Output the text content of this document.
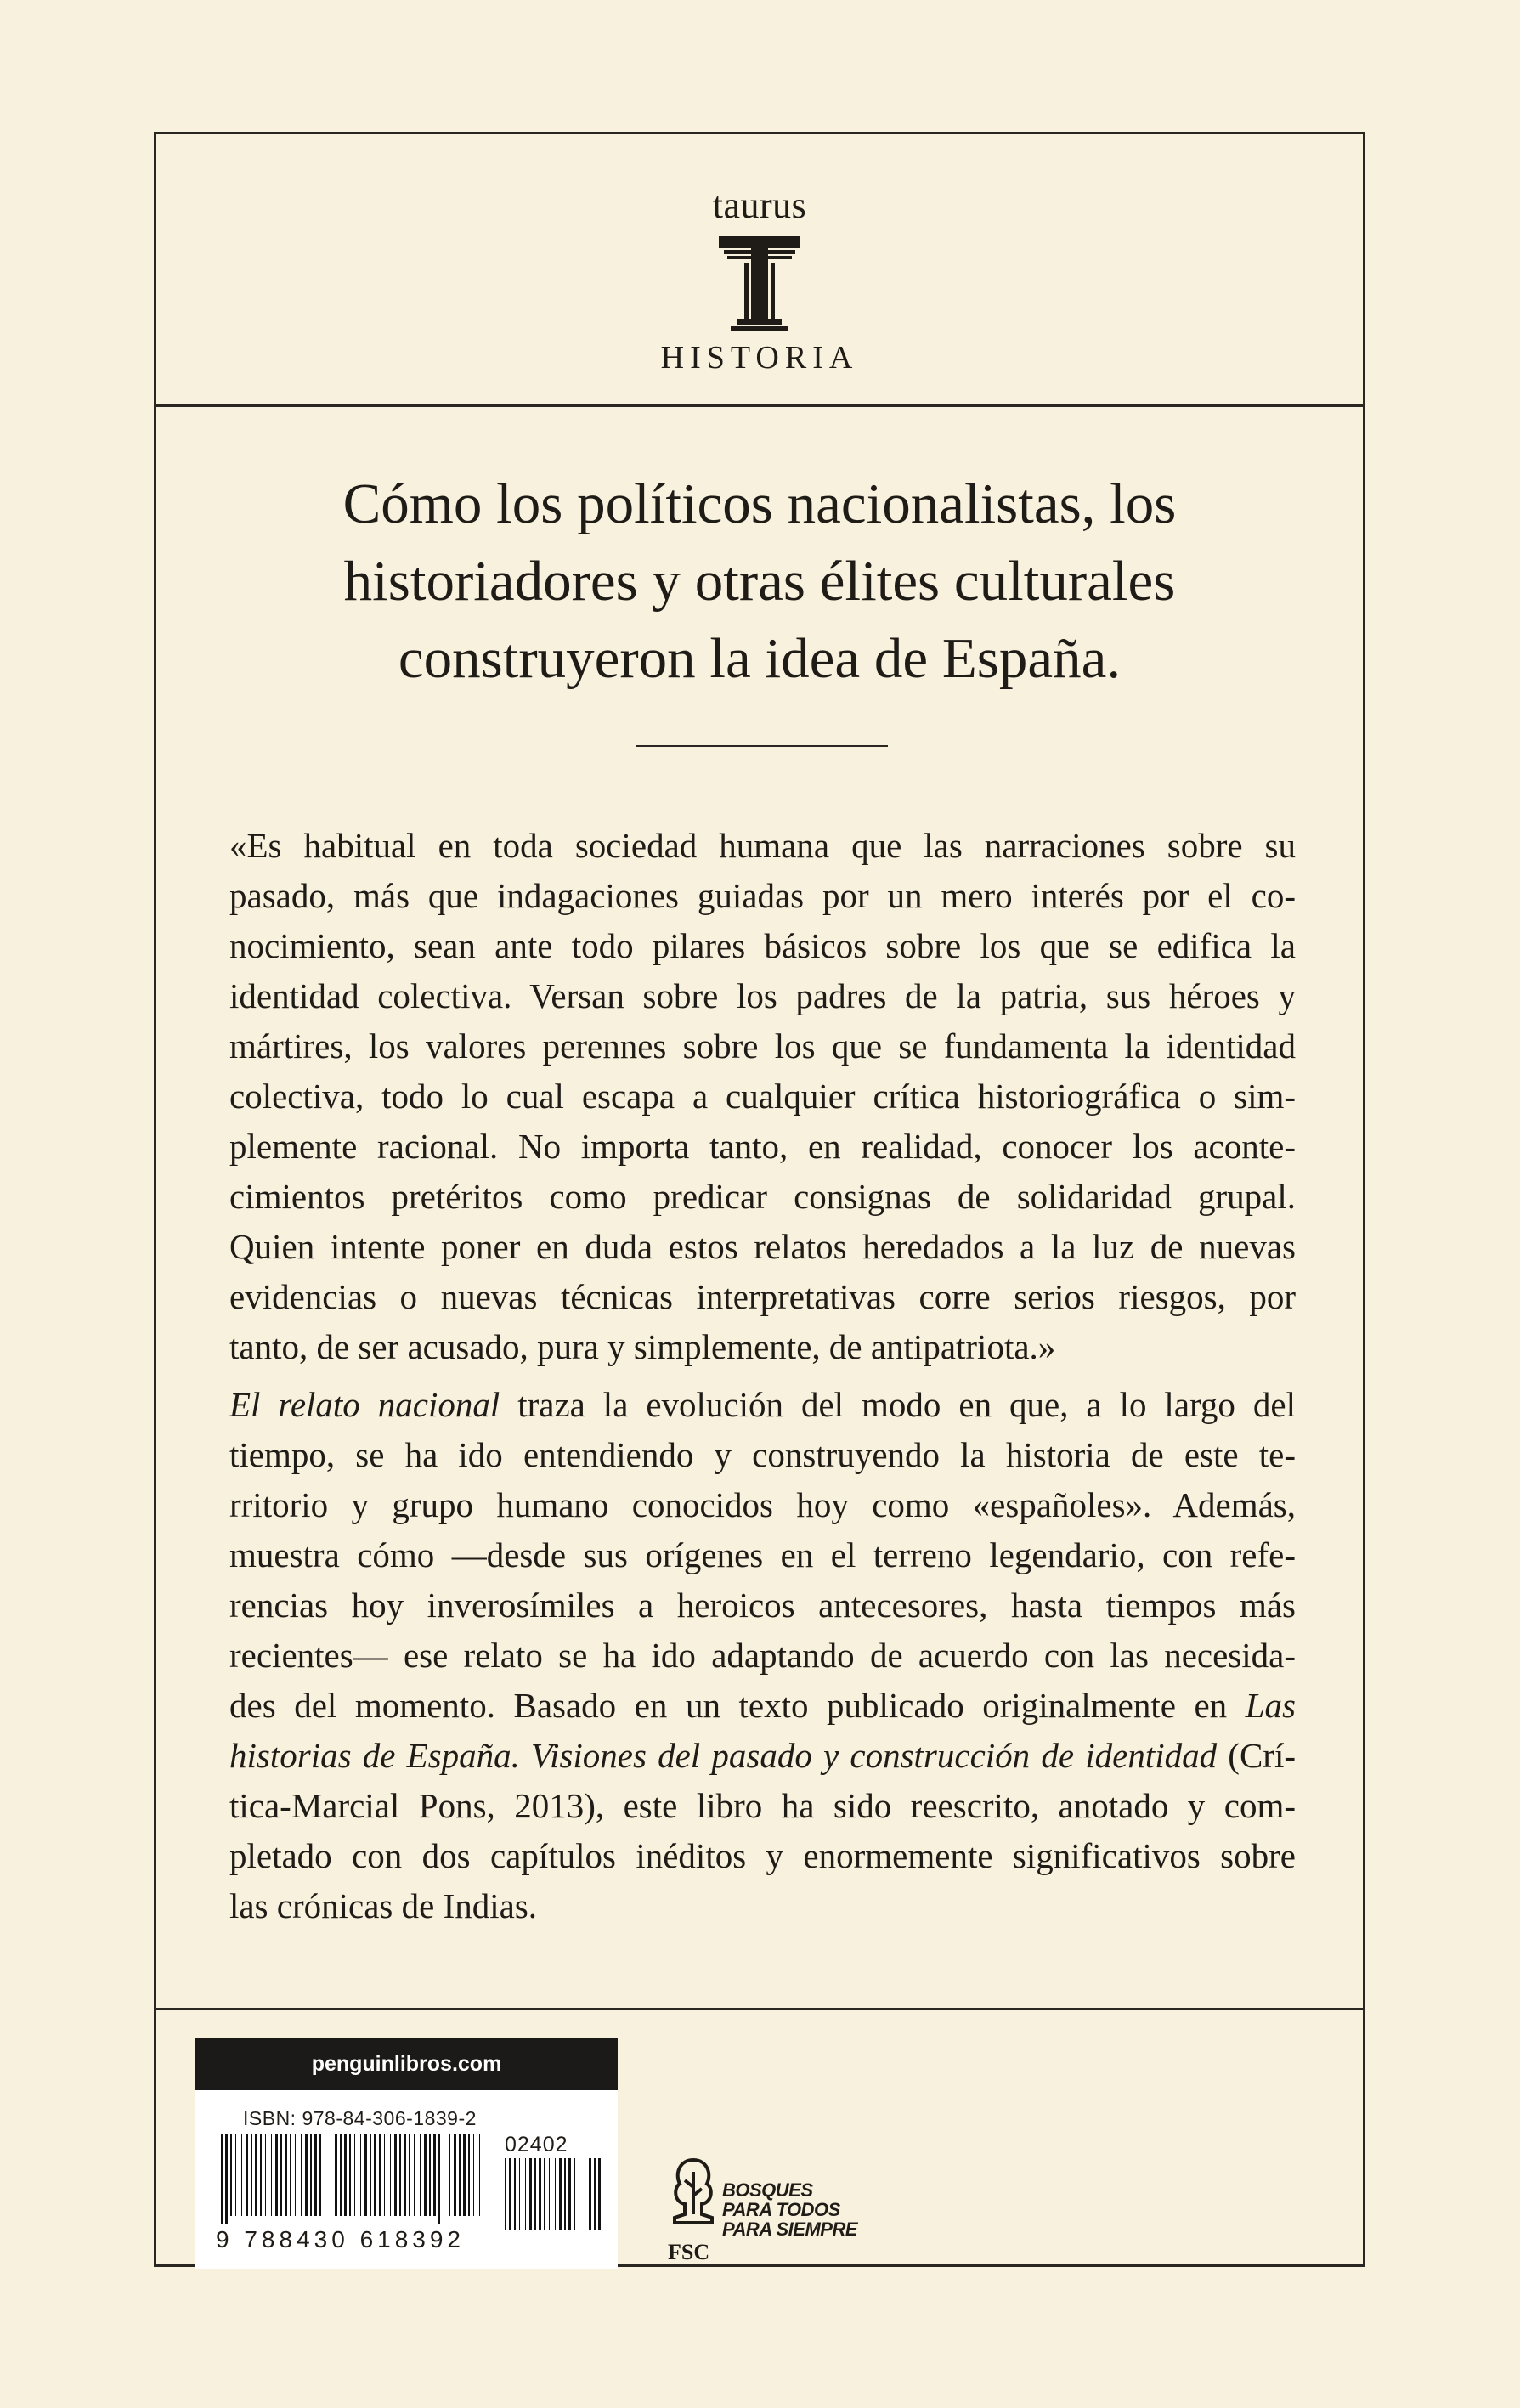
taurus
HISTORIA
Cómo los políticos nacionalistas, los
historiadores y otras élites culturales
construyeron la idea de España.
«Es habitual en toda sociedad humana que las narraciones sobre su
pasado, más que indagaciones guiadas por un mero interés por el co-
nocimiento, sean ante todo pilares básicos sobre los que se edifica la
identidad colectiva. Versan sobre los padres de la patria, sus héroes y
mártires, los valores perennes sobre los que se fundamenta la identidad
colectiva, todo lo cual escapa a cualquier crítica historiográfica o sim-
plemente racional. No importa tanto, en realidad, conocer los aconte-
cimientos pretéritos como predicar consignas de solidaridad grupal.
Quien intente poner en duda estos relatos heredados a la luz de nuevas
evidencias o nuevas técnicas interpretativas corre serios riesgos, por
tanto, de ser acusado, pura y simplemente, de antipatriota.»
El relato nacional traza la evolución del modo en que, a lo largo del
tiempo, se ha ido entendiendo y construyendo la historia de este te-
rritorio y grupo humano conocidos hoy como «españoles». Además,
muestra cómo —desde sus orígenes en el terreno legendario, con refe-
rencias hoy inverosímiles a heroicos antecesores, hasta tiempos más
recientes— ese relato se ha ido adaptando de acuerdo con las necesida-
des del momento. Basado en un texto publicado originalmente en Las
historias de España. Visiones del pasado y construcción de identidad (Crí-
tica-Marcial Pons, 2013), este libro ha sido reescrito, anotado y com-
pletado con dos capítulos inéditos y enormemente significativos sobre
las crónicas de Indias.
penguinlibros.com
ISBN: 978-84-306-1839-2
02402
9 788430 618392	FSC
BOSQUES
PARA TODOS
PARA SIEMPRE
